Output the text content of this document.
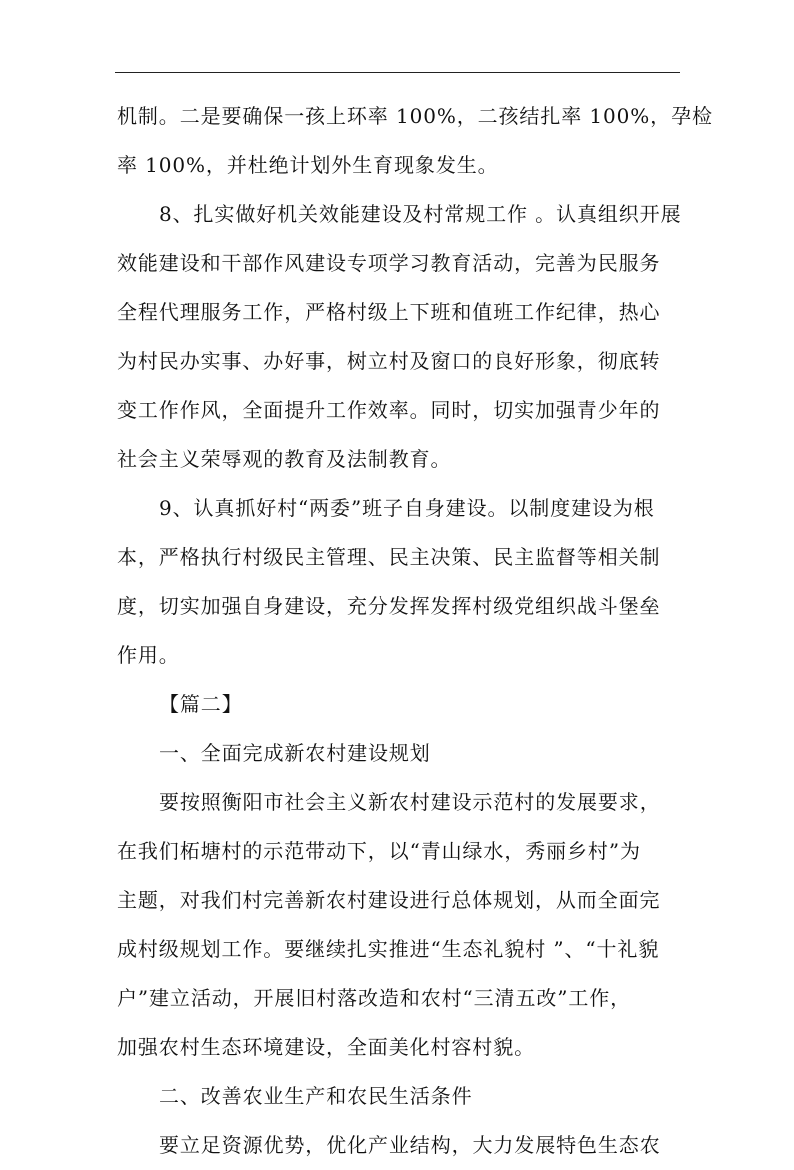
机制。二是要确保一孩上环率 100%，二孩结扎率 100%，孕检
率 100%，并杜绝计划外生育现象发生。
8、扎实做好机关效能建设及村常规工作 。认真组织开展
效能建设和干部作风建设专项学习教育活动，完善为民服务
全程代理服务工作，严格村级上下班和值班工作纪律，热心
为村民办实事、办好事，树立村及窗口的良好形象，彻底转
变工作作风，全面提升工作效率。同时，切实加强青少年的
社会主义荣辱观的教育及法制教育。
9、认真抓好村“两委”班子自身建设。以制度建设为根
本，严格执行村级民主管理、民主决策、民主监督等相关制
度，切实加强自身建设，充分发挥发挥村级党组织战斗堡垒
作用。
【篇二】
一、全面完成新农村建设规划
要按照衡阳市社会主义新农村建设示范村的发展要求，
在我们柘塘村的示范带动下，以“青山绿水，秀丽乡村”为
主题，对我们村完善新农村建设进行总体规划，从而全面完
成村级规划工作。要继续扎实推进“生态礼貌村 ”、“十礼貌
户”建立活动，开展旧村落改造和农村“三清五改”工作，
加强农村生态环境建设，全面美化村容村貌。
二、改善农业生产和农民生活条件
要立足资源优势，优化产业结构，大力发展特色生态农
